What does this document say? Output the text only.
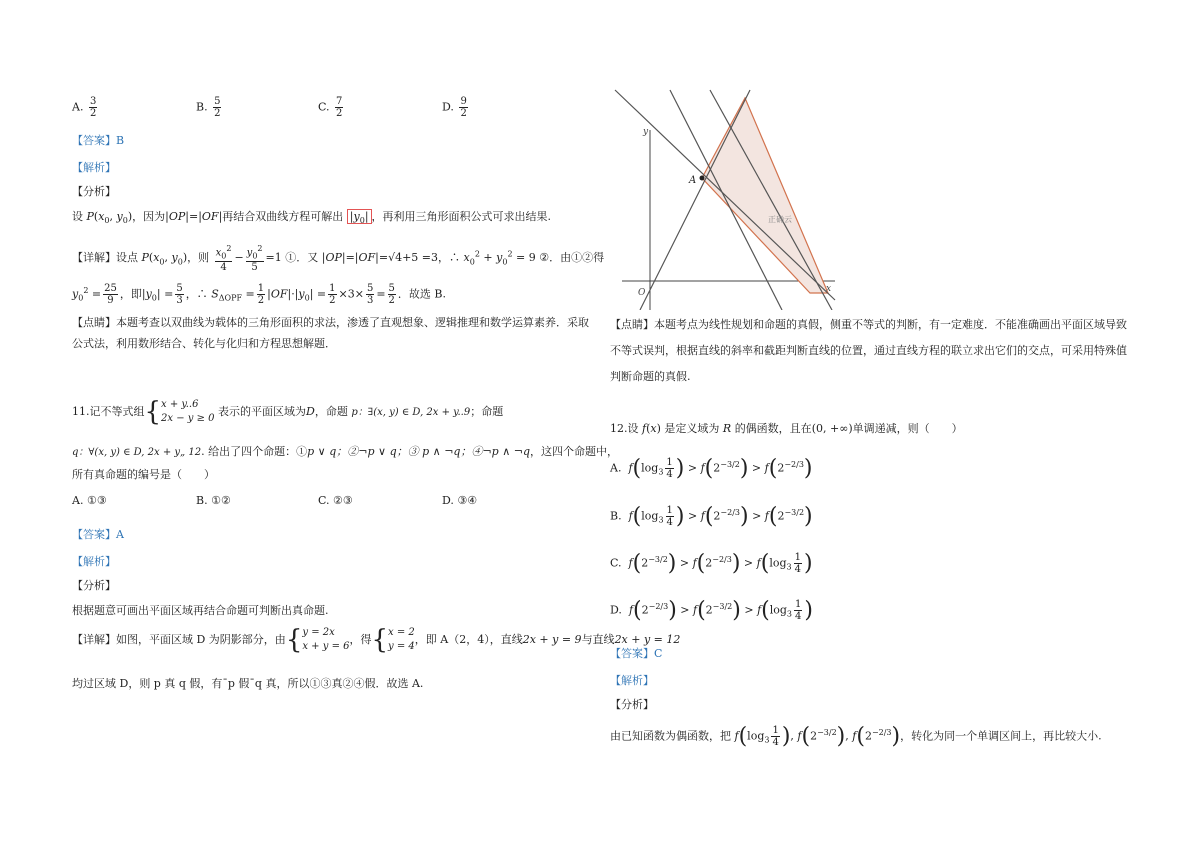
A. $\frac{3}{2}$	B. $\frac{5}{2}$	C. $\frac{7}{2}$	D. $\frac{9}{2}$
【答案】B
【解析】
【分析】
设 $P(x_0$, $y_0$)，因为|OP|=|OF|再结合双曲线方程可解出 $|y_0|$ ，再利用三角形面积公式可求出结果.
【详解】设点 $P(x_0$, $y_0$)，则 $\frac{x_0^2}{4} - \frac{y_0^2}{5} =1$ ①．又 |OP|=|OF|=√4+5 =3，∴ $x_0^2 + y_0^2 = 9$ ②．由①②得
$y_0^2 = \frac{25}{9}$ ，即$|y_0| = \frac{5}{3}$ ，∴ $S_{\Delta OPF} = \frac{1}{2} |OF|\cdot|y_0| = \frac{1}{2} \times 3\times \frac{5}{3} = \frac{5}{2}$ ．故选 B.
【点睛】本题考查以双曲线为载体的三角形面积的求法，渗透了直观想象、逻辑推理和数学运算素养．采取公式法，利用数形结合、转化与化归和方程思想解题．
11.记不等式组{ x + y..6
2x − y ≥ 0
表示的平面区域为D，命题 p：∃(x, y) ∈ D, 2x + y..9；命题
q：∀(x, y) ∈ D, 2x + y„ 12. 给出了四个命题：①p ∨ q；②¬p ∨ q；③ p ∧ ¬q；④¬p ∧ ¬q，这四个命题中，
所有真命题的编号是（　　）
A. ①③	B. ①②	C. ②③	D. ③④
【答案】A
【解析】
【分析】
根据题意可画出平面区域再结合命题可判断出真命题.
【详解】如图，平面区域 D 为阴影部分，由{ y = 2x
x + y = 6
，得{ x = 2
y = 4
，即 A（2，4），直线2x + y = 9与直线2x + y = 12
均过区域 D，则 p 真 q 假，有¯p 假¯q 真，所以①③真②④假．故选 A.
y
x
O
A
正确云
【点睛】本题考点为线性规划和命题的真假，侧重不等式的判断，有一定难度．不能准确画出平面区域导致不等式误判，根据直线的斜率和截距判断直线的位置，通过直线方程的联立求出它们的交点，可采用特殊值判断命题的真假.
12.设 f(x) 是定义域为 R 的偶函数，且在(0, +∞)单调递减，则（　　）
A. $f(\log_3 \frac{1}{4}$ ) > $f(2^{-3/2}) > f(2^{-2/3})$
B. $f(\log_3 \frac{1}{4}$ ) > $f(2^{-2/3}) > f(2^{-3/2})$
C. $f(2^{-3/2}) > f(2^{-2/3}) > f(\log_3 \frac{1}{4}$ )
D. $f(2^{-2/3}) > f(2^{-3/2}) > f(\log_3 \frac{1}{4}$ )
【答案】C
【解析】
【分析】
由已知函数为偶函数，把 $f(\log_3 \frac{1}{4}$ ), $f(2^{-3/2})$, $f(2^{-2/3})$，转化为同一个单调区间上，再比较大小.
